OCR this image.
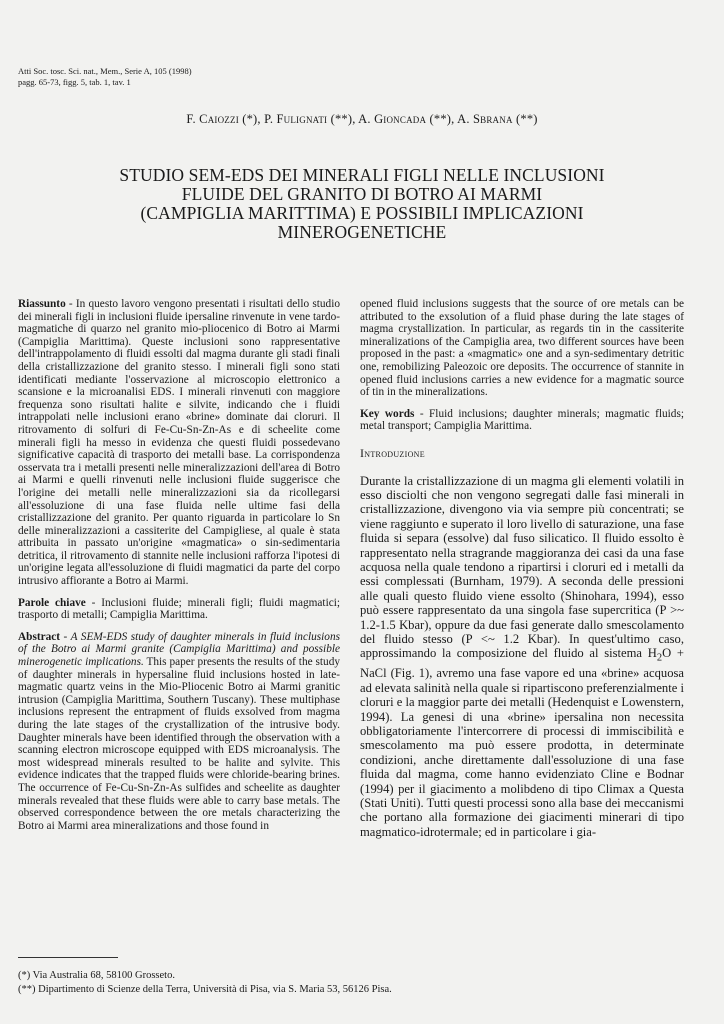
Atti Soc. tosc. Sci. nat., Mem., Serie A, 105 (1998)
pagg. 65-73, figg. 5, tab. 1, tav. 1
F. Caiozzi (*), P. Fulignati (**), A. Gioncada (**), A. Sbrana (**)
STUDIO SEM-EDS DEI MINERALI FIGLI NELLE INCLUSIONI
FLUIDE DEL GRANITO DI BOTRO AI MARMI
(CAMPIGLIA MARITTIMA) E POSSIBILI IMPLICAZIONI
MINEROGENETICHE

Riassunto - In questo lavoro vengono presentati i risultati dello studio dei minerali figli in inclusioni fluide ipersaline rinvenute in vene tardo-magmatiche di quarzo nel granito mio-pliocenico di Botro ai Marmi (Campiglia Marittima). Queste inclusioni sono rappresentative dell'intrappolamento di fluidi essolti dal magma durante gli stadi finali della cristallizzazione del granito stesso. I minerali figli sono stati identificati mediante l'osservazione al microscopio elettronico a scansione e la microanalisi EDS. I minerali rinvenuti con maggiore frequenza sono risultati halite e silvite, indicando che i fluidi intrappolati nelle inclusioni erano «brine» dominate dai cloruri. Il ritrovamento di solfuri di Fe-Cu-Sn-Zn-As e di scheelite come minerali figli ha messo in evidenza che questi fluidi possedevano significative capacità di trasporto dei metalli base. La corrispondenza osservata tra i metalli presenti nelle mineralizzazioni dell'area di Botro ai Marmi e quelli rinvenuti nelle inclusioni fluide suggerisce che l'origine dei metalli nelle mineralizzazioni sia da ricollegarsi all'essoluzione di una fase fluida nelle ultime fasi della cristallizzazione del granito. Per quanto riguarda in particolare lo Sn delle mineralizzazioni a cassiterite del Campigliese, al quale è stata attribuita in passato un'origine «magmatica» o sin-sedimentaria detritica, il ritrovamento di stannite nelle inclusioni rafforza l'ipotesi di un'origine legata all'essoluzione di fluidi magmatici da parte del corpo intrusivo affiorante a Botro ai Marmi.

Parole chiave - Inclusioni fluide; minerali figli; fluidi magmatici; trasporto di metalli; Campiglia Marittima.

Abstract - A SEM-EDS study of daughter minerals in fluid inclusions of the Botro ai Marmi granite (Campiglia Marittima) and possible minerogenetic implications. This paper presents the results of the study of daughter minerals in hypersaline fluid inclusions hosted in late-magmatic quartz veins in the Mio-Pliocenic Botro ai Marmi granitic intrusion (Campiglia Marittima, Southern Tuscany). These multiphase inclusions represent the entrapment of fluids exsolved from magma during the late stages of the crystallization of the intrusive body. Daughter minerals have been identified through the observation with a scanning electron microscope equipped with EDS microanalysis. The most widespread minerals resulted to be halite and sylvite. This evidence indicates that the trapped fluids were chloride-bearing brines. The occurrence of Fe-Cu-Sn-Zn-As sulfides and scheelite as daughter minerals revealed that these fluids were able to carry base metals. The observed correspondence between the ore metals characterizing the Botro ai Marmi area mineralizations and those found in

opened fluid inclusions suggests that the source of ore metals can be attributed to the exsolution of a fluid phase during the late stages of magma crystallization. In particular, as regards tin in the cassiterite mineralizations of the Campiglia area, two different sources have been proposed in the past: a «magmatic» one and a syn-sedimentary detritic one, remobilizing Paleozoic ore deposits. The occurrence of stannite in opened fluid inclusions carries a new evidence for a magmatic source of tin in the mineralizations.

Key words - Fluid inclusions; daughter minerals; magmatic fluids; metal transport; Campiglia Marittima.

Introduzione

Durante la cristallizzazione di un magma gli elementi volatili in esso disciolti che non vengono segregati dalle fasi minerali in cristallizzazione, divengono via via sempre più concentrati; se viene raggiunto e superato il loro livello di saturazione, una fase fluida si separa (essolve) dal fuso silicatico. Il fluido essolto è rappresentato nella stragrande maggioranza dei casi da una fase acquosa nella quale tendono a ripartirsi i cloruri ed i metalli da essi complessati (Burnham, 1979). A seconda delle pressioni alle quali questo fluido viene essolto (Shinohara, 1994), esso può essere rappresentato da una singola fase supercritica (P >~ 1.2-1.5 Kbar), oppure da due fasi generate dallo smescolamento del fluido stesso (P <~ 1.2 Kbar). In quest'ultimo caso, approssimando la composizione del fluido al sistema $H_2O$ + NaCl (Fig. 1), avremo una fase vapore ed una «brine» acquosa ad elevata salinità nella quale si ripartiscono preferenzialmente i cloruri e la maggior parte dei metalli (Hedenquist e Lowenstern, 1994). La genesi di una «brine» ipersalina non necessita obbligatoriamente l'intercorrere di processi di immiscibilità e smescolamento ma può essere prodotta, in determinate condizioni, anche direttamente dall'essoluzione di una fase fluida dal magma, come hanno evidenziato Cline e Bodnar (1994) per il giacimento a molibdeno di tipo Climax a Questa (Stati Uniti). Tutti questi processi sono alla base dei meccanismi che portano alla formazione dei giacimenti minerari di tipo magmatico-idrotermale; ed in particolare i gia-

(*) Via Australia 68, 58100 Grosseto.
(**) Dipartimento di Scienze della Terra, Università di Pisa, via S. Maria 53, 56126 Pisa.
